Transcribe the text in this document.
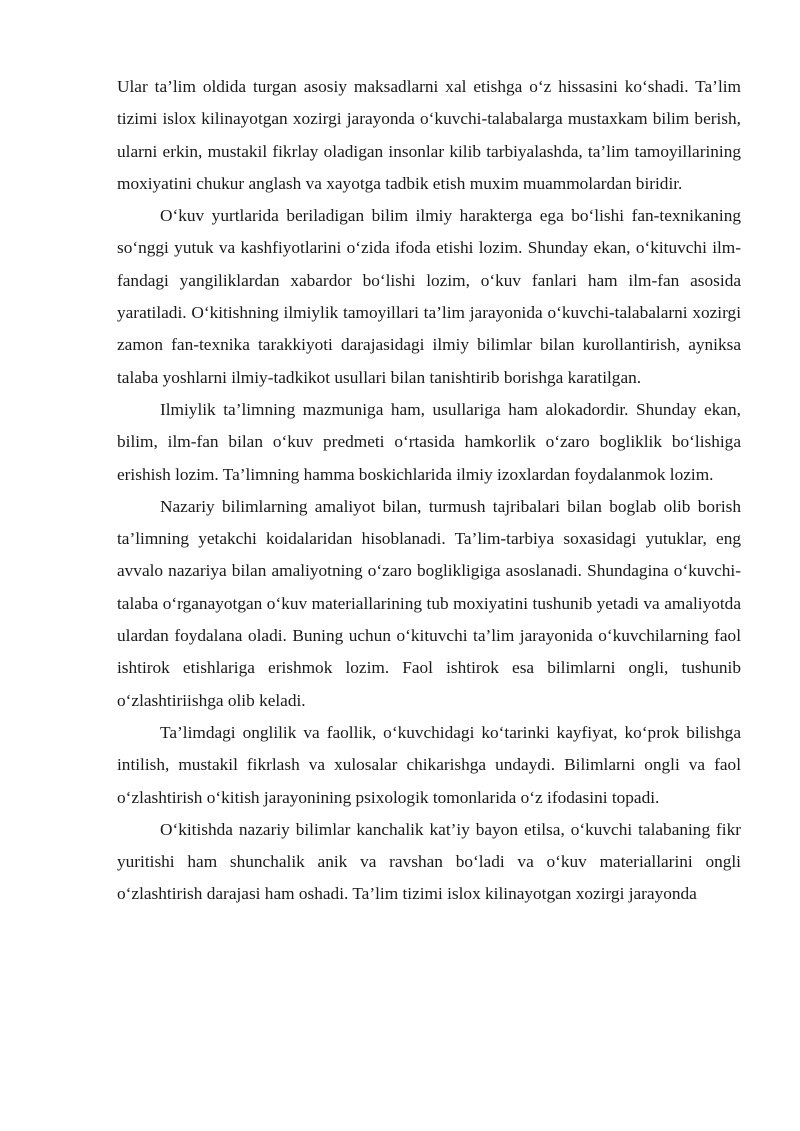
Ular ta’lim oldida turgan asosiy maksadlarni xal etishga o‘z hissasini ko‘shadi. Ta’lim tizimi islox kilinayotgan xozirgi jarayonda o‘kuvchi-talabalarga mustaxkam bilim berish, ularni erkin, mustakil fikrlay oladigan insonlar kilib tarbiyalashda, ta’lim tamoyillarining moxiyatini chukur anglash va xayotga tadbik etish muxim muammolardan biridir.

O‘kuv yurtlarida beriladigan bilim ilmiy harakterga ega bo‘lishi fan-texnikaning so‘nggi yutuk va kashfiyotlarini o‘zida ifoda etishi lozim. Shunday ekan, o‘kituvchi ilm-fandagi yangiliklardan xabardor bo‘lishi lozim, o‘kuv fanlari ham ilm-fan asosida yaratiladi. O‘kitishning ilmiylik tamoyillari ta’lim jarayonida o‘kuvchi-talabalarni xozirgi zamon fan-texnika tarakkiyoti darajasidagi ilmiy bilimlar bilan kurollantirish, ayniksa talaba yoshlarni ilmiy-tadkikot usullari bilan tanishtirib borishga karatilgan.

Ilmiylik ta’limning mazmuniga ham, usullariga ham alokadordir. Shunday ekan, bilim, ilm-fan bilan o‘kuv predmeti o‘rtasida hamkorlik o‘zaro bogliklik bo‘lishiga erishish lozim. Ta’limning hamma boskichlarida ilmiy izoxlardan foydalanmok lozim.

Nazariy bilimlarning amaliyot bilan, turmush tajribalari bilan boglab olib borish ta’limning yetakchi koidalaridan hisoblanadi. Ta’lim-tarbiya soxasidagi yutuklar, eng avvalo nazariya bilan amaliyotning o‘zaro boglikligiga asoslanadi. Shundagina o‘kuvchi-talaba o‘rganayotgan o‘kuv materiallarining tub moxiyatini tushunib yetadi va amaliyotda ulardan foydalana oladi. Buning uchun o‘kituvchi ta’lim jarayonida o‘kuvchilarning faol ishtirok etishlariga erishmok lozim. Faol ishtirok esa bilimlarni ongli, tushunib o‘zlashtiriishga olib keladi.

Ta’limdagi onglilik va faollik, o‘kuvchidagi ko‘tarinki kayfiyat, ko‘prok bilishga intilish, mustakil fikrlash va xulosalar chikarishga undaydi. Bilimlarni ongli va faol o‘zlashtirish o‘kitish jarayonining psixologik tomonlarida o‘z ifodasini topadi.

O‘kitishda nazariy bilimlar kanchalik kat’iy bayon etilsa, o‘kuvchi talabaning fikr yuritishi ham shunchalik anik va ravshan bo‘ladi va o‘kuv materiallarini ongli o‘zlashtirish darajasi ham oshadi. Ta’lim tizimi islox kilinayotgan xozirgi jarayonda
